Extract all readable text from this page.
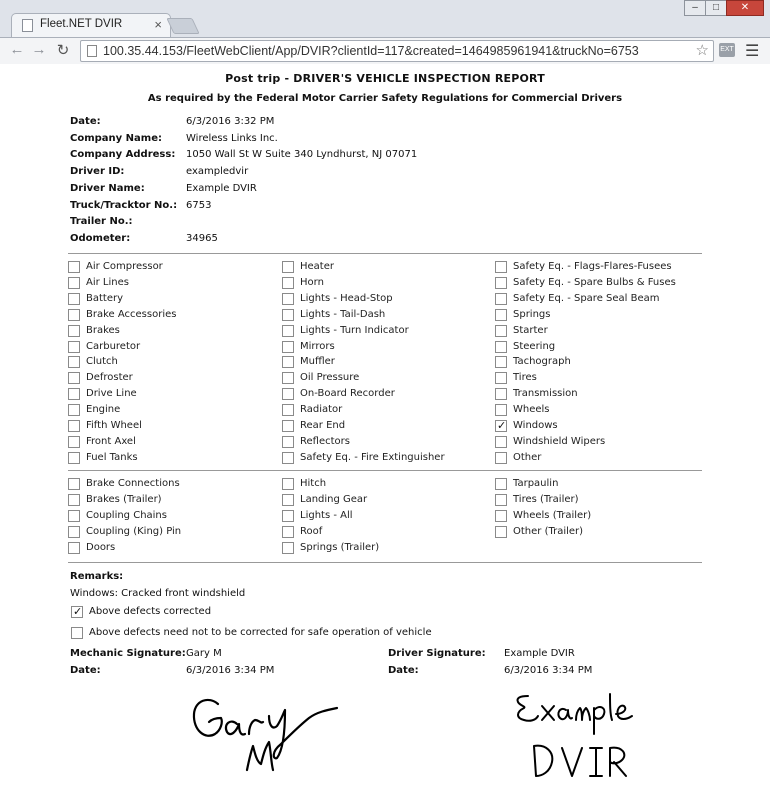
Fleet.NET DVIR ×
–	□	✕
← → ↻	100.35.44.153/FleetWebClient/App/DVIR?clientId=117&created=1464985961941&truckNo=6753	☆ EXT ☰
Post trip - DRIVER'S VEHICLE INSPECTION REPORT
As required by the Federal Motor Carrier Safety Regulations for Commercial Drivers
Date:	6/3/2016 3:32 PM
Company Name: Wireless Links Inc.
Company Address: 1050 Wall St W Suite 340 Lyndhurst, NJ 07071
Driver ID:	exampledvir
Driver Name:	Example DVIR
Truck/Tracktor No.: 6753
Trailer No.:
Odometer:	34965
Air Compressor
Air Lines
Battery
Brake Accessories
Brakes
Carburetor
Clutch
Defroster
Drive Line
Engine
Fifth Wheel
Front Axel
Fuel Tanks
Heater
Horn
Lights - Head-Stop
Lights - Tail-Dash
Lights - Turn Indicator
Mirrors
Muffler
Oil Pressure
On-Board Recorder
Radiator
Rear End
Reflectors
Safety Eq. - Fire Extinguisher
Safety Eq. - Flags-Flares-Fusees
Safety Eq. - Spare Bulbs & Fuses
Safety Eq. - Spare Seal Beam
Springs
Starter
Steering
Tachograph
Tires
Transmission
Wheels
✓
Windows
Windshield Wipers
Other
Brake Connections
Brakes (Trailer)
Coupling Chains
Coupling (King) Pin
Doors
Hitch
Landing Gear
Lights - All
Roof
Springs (Trailer)
Tarpaulin
Tires (Trailer)
Wheels (Trailer)
Other (Trailer)
Remarks:
Windows: Cracked front windshield
✓
Above defects corrected
Above defects need not to be corrected for safe operation of vehicle
Mechanic Signature: Gary M
Date:	6/3/2016 3:34 PM
Driver Signature: Example DVIR
Date:	6/3/2016 3:34 PM
